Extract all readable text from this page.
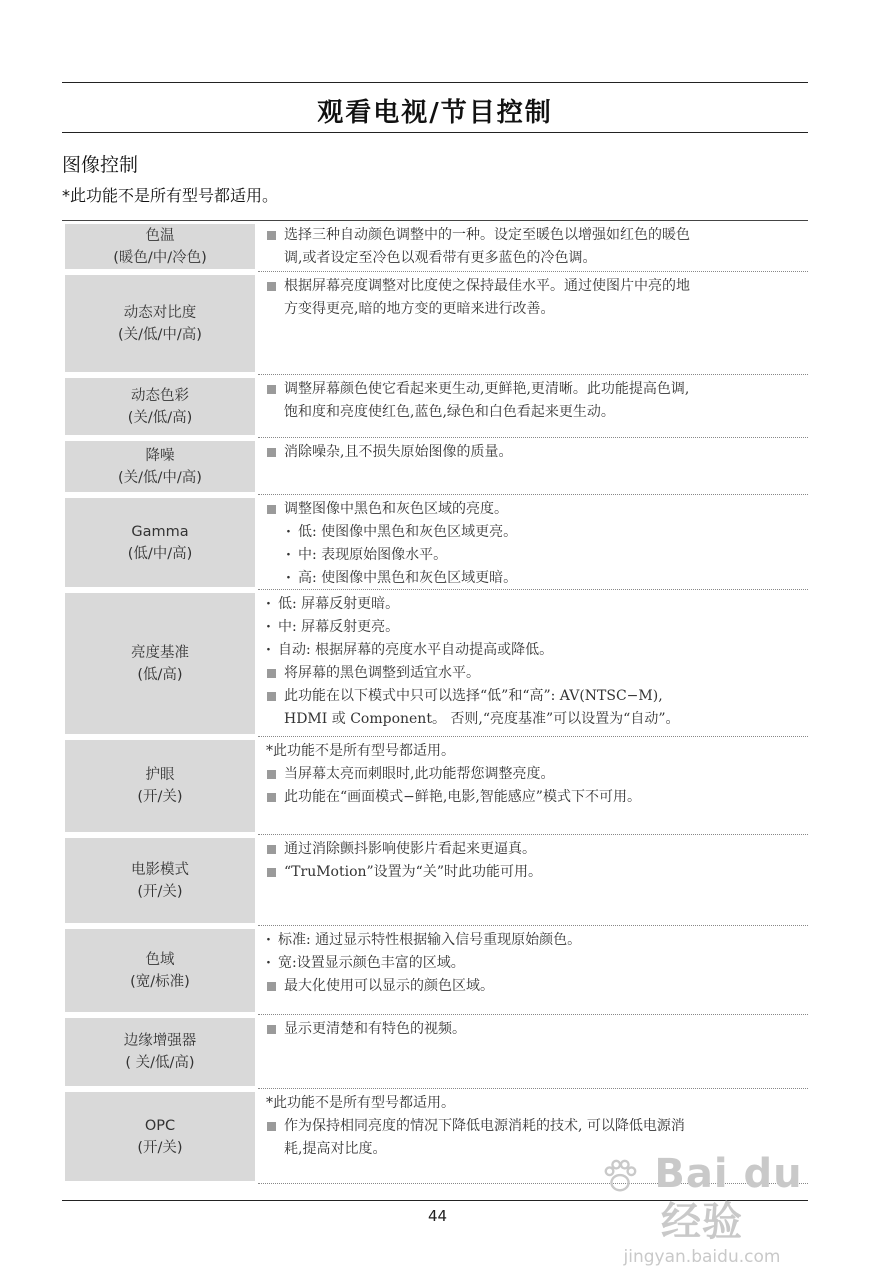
观看电视/节目控制
图像控制
*此功能不是所有型号都适用。
色温
(暖色/中/冷色)
选择三种自动颜色调整中的一种。设定至暖色以增强如红色的暖色
调,或者设定至冷色以观看带有更多蓝色的冷色调。
动态对比度
(关/低/中/高)
根据屏幕亮度调整对比度使之保持最佳水平。通过使图片中亮的地
方变得更亮,暗的地方变的更暗来进行改善。
动态色彩
(关/低/高)
调整屏幕颜色使它看起来更生动,更鲜艳,更清晰。此功能提高色调,
饱和度和亮度使红色,蓝色,绿色和白色看起来更生动。
降噪
(关/低/中/高)
消除噪杂,且不损失原始图像的质量。
Gamma
(低/中/高)
调整图像中黑色和灰色区域的亮度。
· 低: 使图像中黑色和灰色区域更亮。
· 中: 表现原始图像水平。
· 高: 使图像中黑色和灰色区域更暗。
亮度基准
(低/高)
· 低: 屏幕反射更暗。
· 中: 屏幕反射更亮。
· 自动: 根据屏幕的亮度水平自动提高或降低。
将屏幕的黑色调整到适宜水平。
此功能在以下模式中只可以选择“低”和“高”: AV(NTSC−M),
HDMI 或 Component。 否则,“亮度基准”可以设置为“自动”。
护眼
(开/关)
*此功能不是所有型号都适用。
当屏幕太亮而刺眼时,此功能帮您调整亮度。
此功能在“画面模式−鲜艳,电影,智能感应”模式下不可用。
电影模式
(开/关)
通过消除颤抖影响使影片看起来更逼真。
“TruMotion”设置为“关”时此功能可用。
色域
(宽/标准)
· 标准: 通过显示特性根据输入信号重现原始颜色。
· 宽:设置显示颜色丰富的区域。
最大化使用可以显示的颜色区域。
边缘增强器
( 关/低/高)
显示更清楚和有特色的视频。
OPC
(开/关)
*此功能不是所有型号都适用。
作为保持相同亮度的情况下降低电源消耗的技术, 可以降低电源消
耗,提高对比度。
44
Bai du 经验
jingyan.baidu.com
